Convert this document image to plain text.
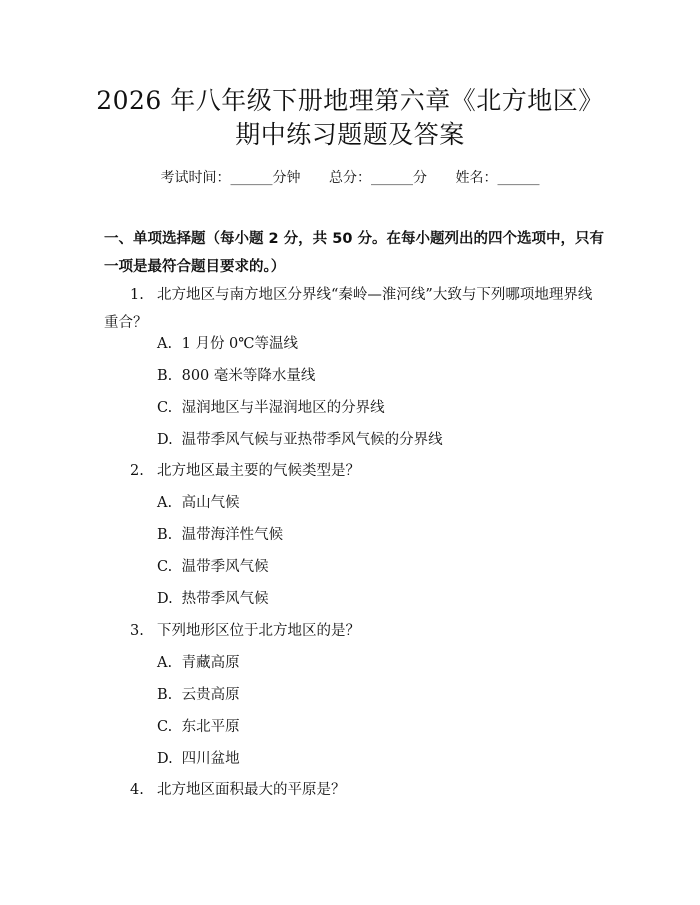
2026 年八年级下册地理第六章《北方地区》
期中练习题题及答案
考试时间：______分钟 总分：______分 姓名：______
一、单项选择题（每小题 2 分，共 50 分。在每小题列出的四个选项中，只有一项是最符合题目要求的。）
1. 北方地区与南方地区分界线“秦岭—淮河线”大致与下列哪项地理界线重合？
A. 1 月份 0℃等温线
B. 800 毫米等降水量线
C. 湿润地区与半湿润地区的分界线
D. 温带季风气候与亚热带季风气候的分界线
2. 北方地区最主要的气候类型是？
A. 高山气候
B. 温带海洋性气候
C. 温带季风气候
D. 热带季风气候
3. 下列地形区位于北方地区的是？
A. 青藏高原
B. 云贵高原
C. 东北平原
D. 四川盆地
4. 北方地区面积最大的平原是？
